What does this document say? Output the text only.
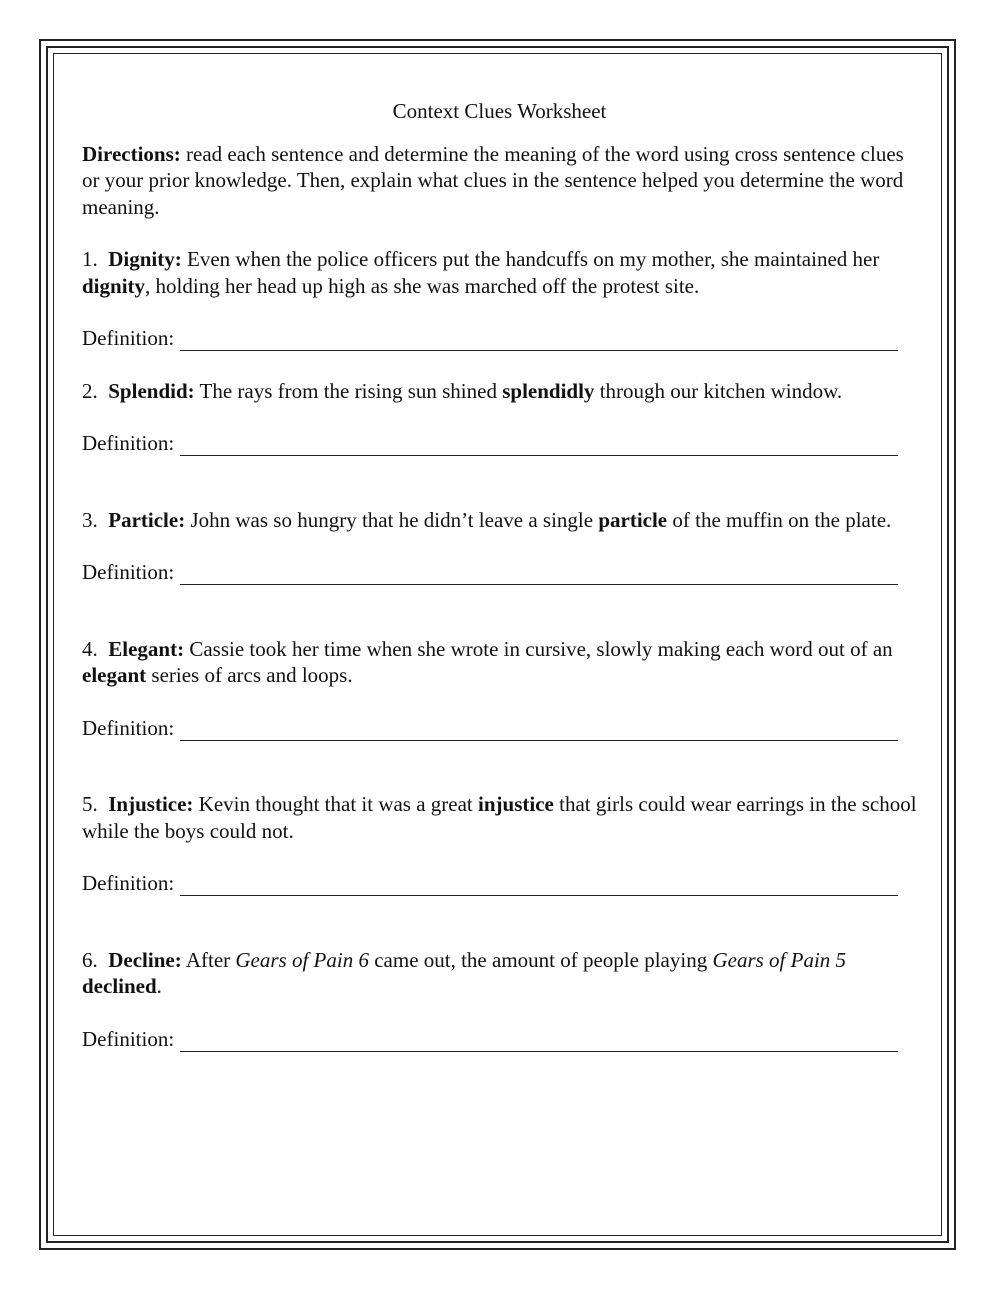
Context Clues Worksheet

Directions: read each sentence and determine the meaning of the word using cross sentence clues or your prior knowledge. Then, explain what clues in the sentence helped you determine the word meaning.

1. Dignity: Even when the police officers put the handcuffs on my mother, she maintained her dignity, holding her head up high as she was marched off the protest site.

Definition:

2. Splendid: The rays from the rising sun shined splendidly through our kitchen window.

Definition:

3. Particle: John was so hungry that he didn’t leave a single particle of the muffin on the plate.

Definition:

4. Elegant: Cassie took her time when she wrote in cursive, slowly making each word out of an elegant series of arcs and loops.

Definition:

5. Injustice: Kevin thought that it was a great injustice that girls could wear earrings in the school while the boys could not.

Definition:

6. Decline: After Gears of Pain 6 came out, the amount of people playing Gears of Pain 5 declined.

Definition:
